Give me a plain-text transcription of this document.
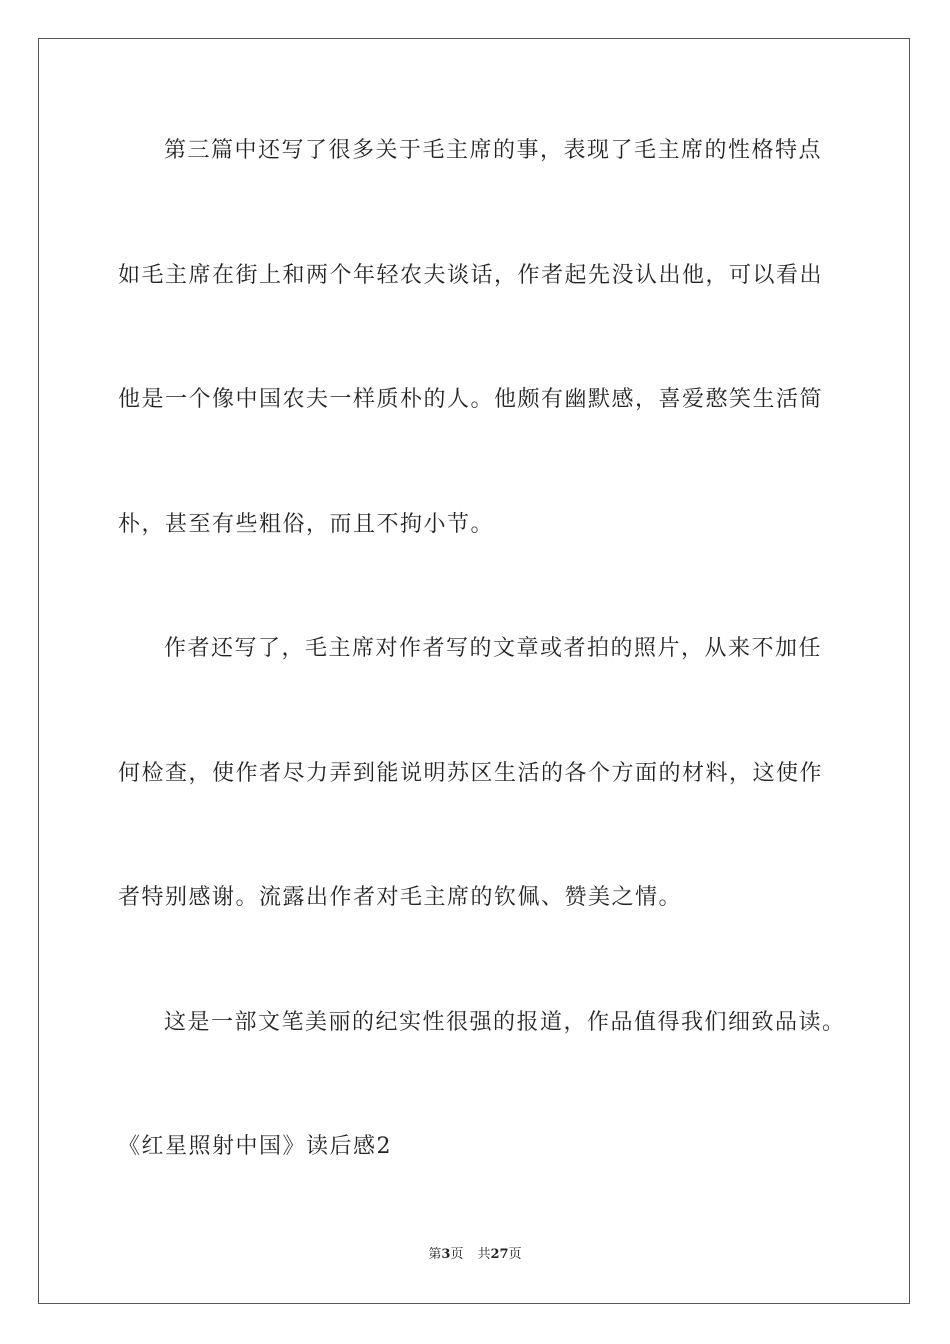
第三篇中还写了很多关于毛主席的事，表现了毛主席的性格特点
如毛主席在街上和两个年轻农夫谈话，作者起先没认出他，可以看出
他是一个像中国农夫一样质朴的人。他颇有幽默感，喜爱憨笑生活简
朴，甚至有些粗俗，而且不拘小节。
作者还写了，毛主席对作者写的文章或者拍的照片，从来不加任
何检查，使作者尽力弄到能说明苏区生活的各个方面的材料，这使作
者特别感谢。流露出作者对毛主席的钦佩、赞美之情。
这是一部文笔美丽的纪实性很强的报道，作品值得我们细致品读。
《红星照射中国》读后感2
第3页 共27页
